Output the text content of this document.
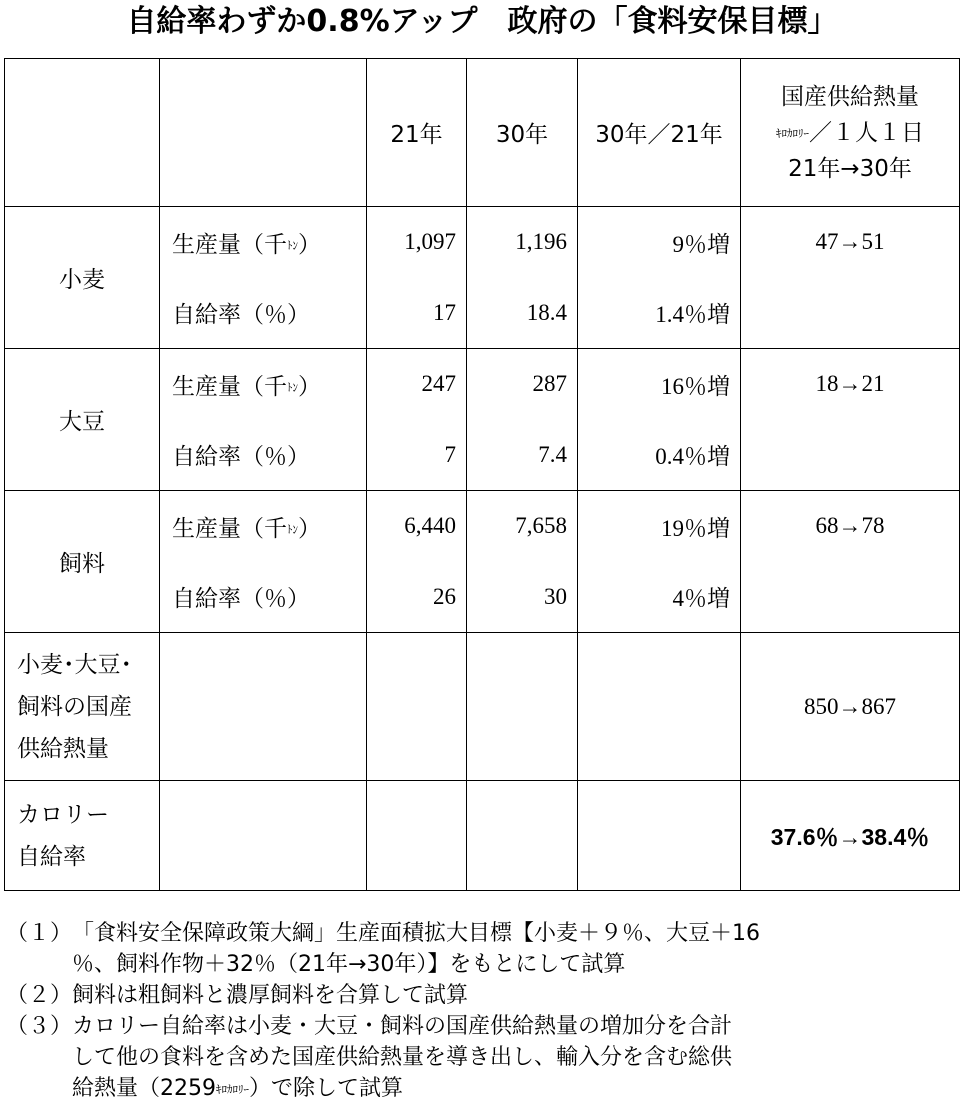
自給率わずか0.8%アップ　政府の「食料安保目標」
		21年	30年	30年／21年	国産供給熱量
ｷﾛｶﾛﾘｰ／１人１日
21年→30年

小麦	生産量（千ﾄﾝ）	1,097	1,196	9％増	47→51
	自給率（％）	17	18.4	1.4％増	
大豆	生産量（千ﾄﾝ）	247	287	16％増	18→21
	自給率（％）	7	7.4	0.4％増	
飼料	生産量（千ﾄﾝ）	6,440	7,658	19％増	68→78
	自給率（％）	26	30	4％増	

小麦･大豆･
飼料の国産
供給熱量					850→867

カロリー
自給率					37.6％→38.4％
（１） 「食料安全保障政策大綱」生産面積拡大目標【小麦＋９％、大豆＋16
％、飼料作物＋32％（21年→30年）】をもとにして試算
（２） 飼料は粗飼料と濃厚飼料を合算して試算
（３） カロリー自給率は小麦・大豆・飼料の国産供給熱量の増加分を合計
して他の食料を含めた国産供給熱量を導き出し、輸入分を含む総供
給熱量（2259ｷﾛｶﾛﾘｰ）で除して試算
